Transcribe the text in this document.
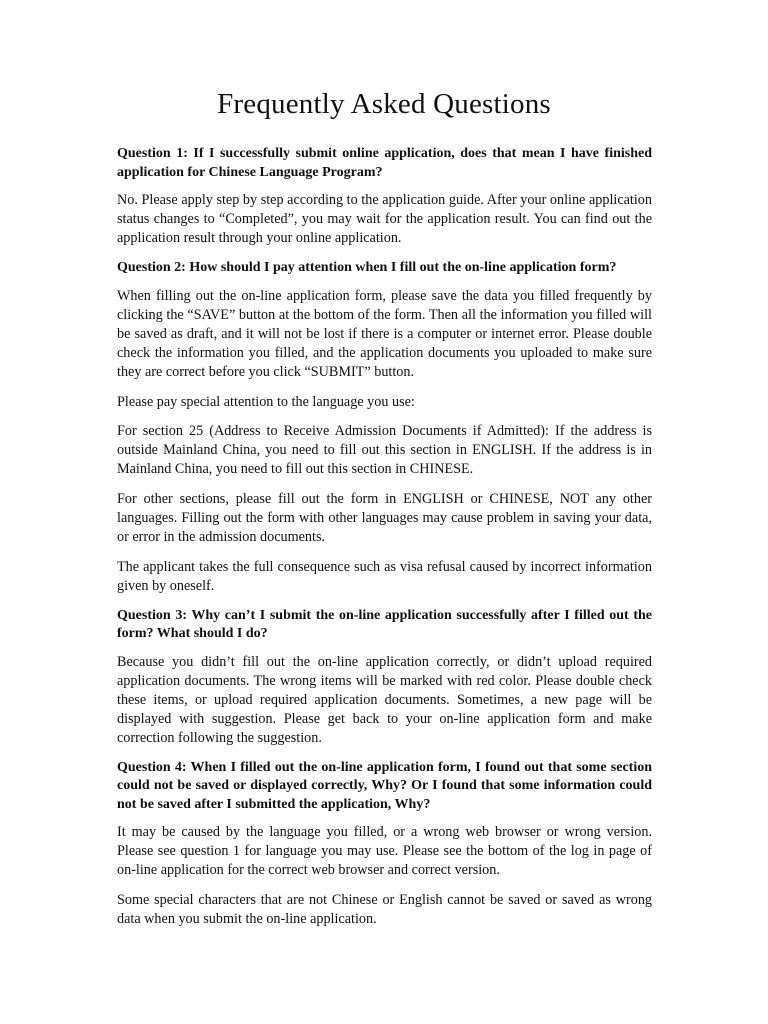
Frequently Asked Questions

Question 1: If I successfully submit online application, does that mean I have finished application for Chinese Language Program?

No. Please apply step by step according to the application guide. After your online application status changes to “Completed”, you may wait for the application result. You can find out the application result through your online application.

Question 2: How should I pay attention when I fill out the on-line application form?

When filling out the on-line application form, please save the data you filled frequently by clicking the “SAVE” button at the bottom of the form. Then all the information you filled will be saved as draft, and it will not be lost if there is a computer or internet error. Please double check the information you filled, and the application documents you uploaded to make sure they are correct before you click “SUBMIT” button.

Please pay special attention to the language you use:

For section 25 (Address to Receive Admission Documents if Admitted): If the address is outside Mainland China, you need to fill out this section in ENGLISH. If the address is in Mainland China, you need to fill out this section in CHINESE.

For other sections, please fill out the form in ENGLISH or CHINESE, NOT any other languages. Filling out the form with other languages may cause problem in saving your data, or error in the admission documents.

The applicant takes the full consequence such as visa refusal caused by incorrect information given by oneself.

Question 3: Why can’t I submit the on-line application successfully after I filled out the form? What should I do?

Because you didn’t fill out the on-line application correctly, or didn’t upload required application documents. The wrong items will be marked with red color. Please double check these items, or upload required application documents. Sometimes, a new page will be displayed with suggestion. Please get back to your on-line application form and make correction following the suggestion.

Question 4: When I filled out the on-line application form, I found out that some section could not be saved or displayed correctly, Why? Or I found that some information could not be saved after I submitted the application, Why?

It may be caused by the language you filled, or a wrong web browser or wrong version. Please see question 1 for language you may use. Please see the bottom of the log in page of on-line application for the correct web browser and correct version.

Some special characters that are not Chinese or English cannot be saved or saved as wrong data when you submit the on-line application.
